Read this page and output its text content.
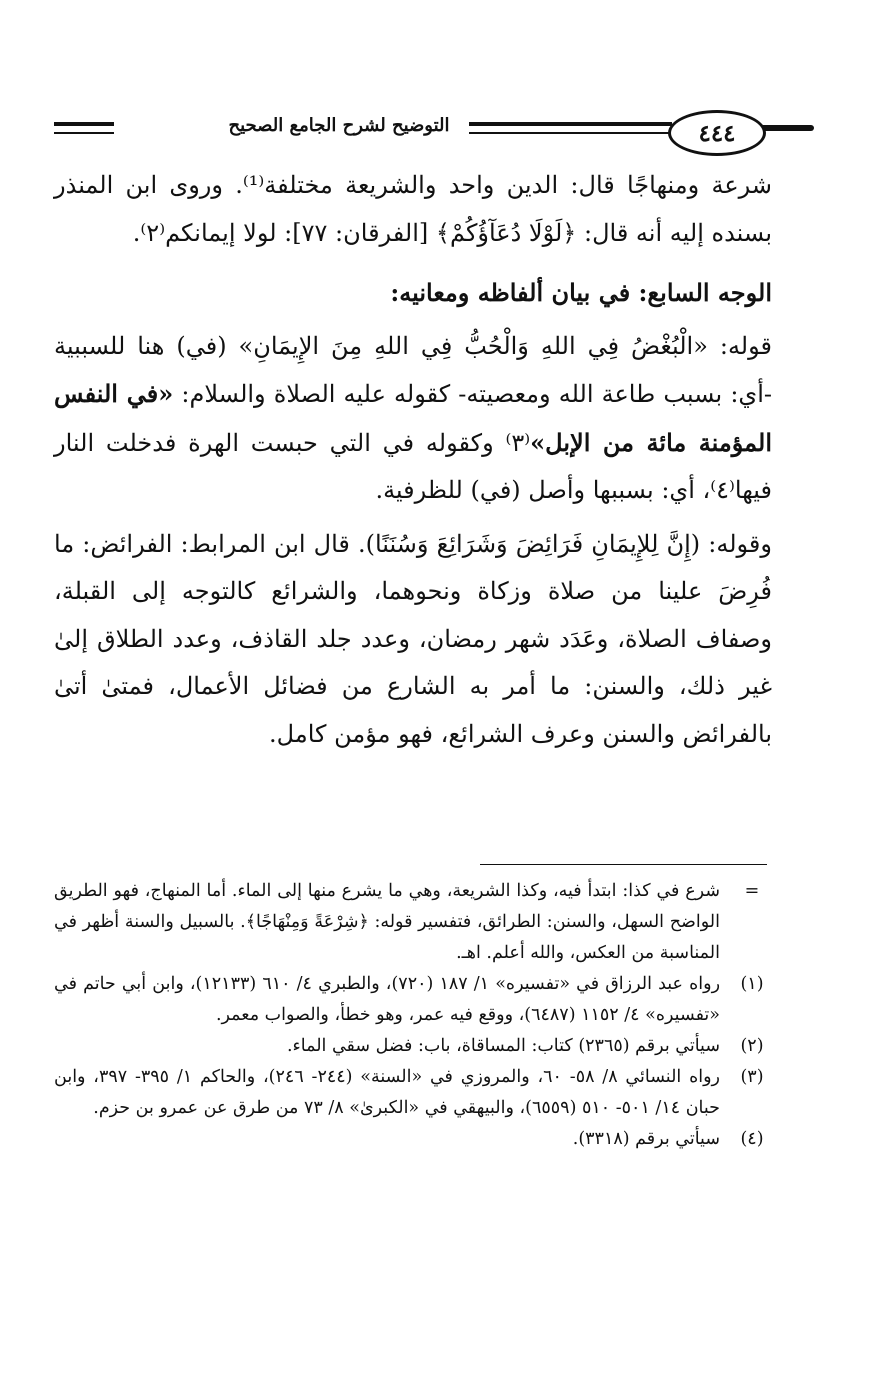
التوضيح لشرح الجامع الصحيح	٤٤٤

شرعة ومنهاجًا قال: الدين واحد والشريعة مختلفة⁽¹⁾. وروى ابن المنذر بسنده إليه أنه قال: ﴿لَوْلَا دُعَآؤُكُمْ﴾ [الفرقان: ٧٧]: لولا إيمانكم⁽٢⁾.

الوجه السابع: في بيان ألفاظه ومعانيه:

قوله: «الْبُغْضُ فِي اللهِ وَالْحُبُّ فِي اللهِ مِنَ الإِيمَانِ» (في) هنا للسببية -أي: بسبب طاعة الله ومعصيته- كقوله عليه الصلاة والسلام: «في النفس المؤمنة مائة من الإبل»⁽٣⁾ وكقوله في التي حبست الهرة فدخلت النار فيها⁽٤⁾، أي: بسببها وأصل (في) للظرفية.

وقوله: (إِنَّ لِلإِيمَانِ فَرَائِضَ وَشَرَائِعَ وَسُنَنًا). قال ابن المرابط: الفرائض: ما فُرِضَ علينا من صلاة وزكاة ونحوهما، والشرائع كالتوجه إلى القبلة، وصفاف الصلاة، وعَدَد شهر رمضان، وعدد جلد القاذف، وعدد الطلاق إلىٰ غير ذلك، والسنن: ما أمر به الشارع من فضائل الأعمال، فمتىٰ أتىٰ بالفرائض والسنن وعرف الشرائع، فهو مؤمن كامل.

=
شرع في كذا: ابتدأ فيه، وكذا الشريعة، وهي ما يشرع منها إلى الماء. أما المنهاج، فهو الطريق الواضح السهل، والسنن: الطرائق، فتفسير قوله: ﴿شِرْعَةً وَمِنْهَاجًا﴾. بالسبيل والسنة أظهر في المناسبة من العكس، والله أعلم. اهـ.
(١)
رواه عبد الرزاق في «تفسيره» ١/ ١٨٧ (٧٢٠)، والطبري ٤/ ٦١٠ (١٢١٣٣)، وابن أبي حاتم في «تفسيره» ٤/ ١١٥٢ (٦٤٨٧)، ووقع فيه عمر، وهو خطأ، والصواب معمر.
(٢)
سيأتي برقم (٢٣٦٥) كتاب: المساقاة، باب: فضل سقي الماء.
(٣)
رواه النسائي ٨/ ٥٨- ٦٠، والمروزي في «السنة» (٢٤٤- ٢٤٦)، والحاكم ١/ ٣٩٥- ٣٩٧، وابن حبان ١٤/ ٥٠١- ٥١٠ (٦٥٥٩)، والبيهقي في «الكبرىٰ» ٨/ ٧٣ من طرق عن عمرو بن حزم.
(٤)
سيأتي برقم (٣٣١٨).
